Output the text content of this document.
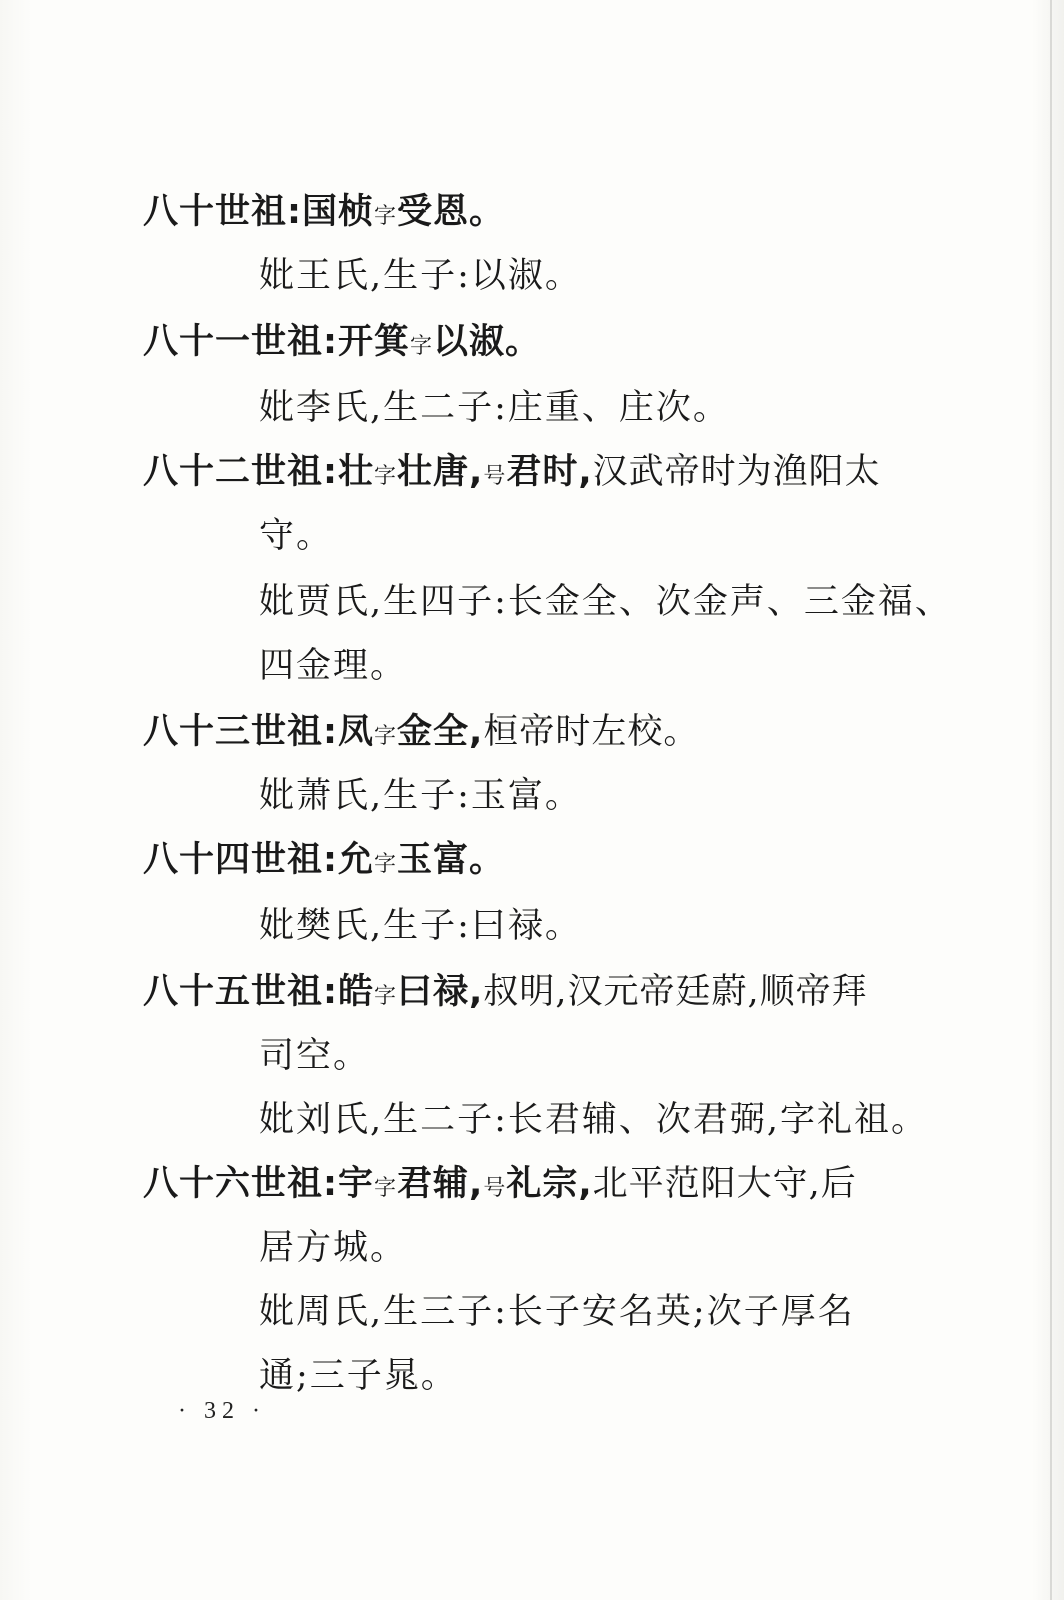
八十世祖:国桢字受恩。
妣王氏,生子:以淑。
八十一世祖:开箕字以淑。
妣李氏,生二子:庄重、庄次。
八十二世祖:壮字壮唐,号君时,汉武帝时为渔阳太
守。
妣贾氏,生四子:长金全、次金声、三金福、
四金理。
八十三世祖:凤字金全,桓帝时左校。
妣萧氏,生子:玉富。
八十四世祖:允字玉富。
妣樊氏,生子:曰禄。
八十五世祖:皓字曰禄,叔明,汉元帝廷蔚,顺帝拜
司空。
妣刘氏,生二子:长君辅、次君弼,字礼祖。
八十六世祖:宇字君辅,号礼宗,北平范阳大守,后
居方城。
妣周氏,生三子:长子安名英;次子厚名
通;三子晁。
· 32 ·
